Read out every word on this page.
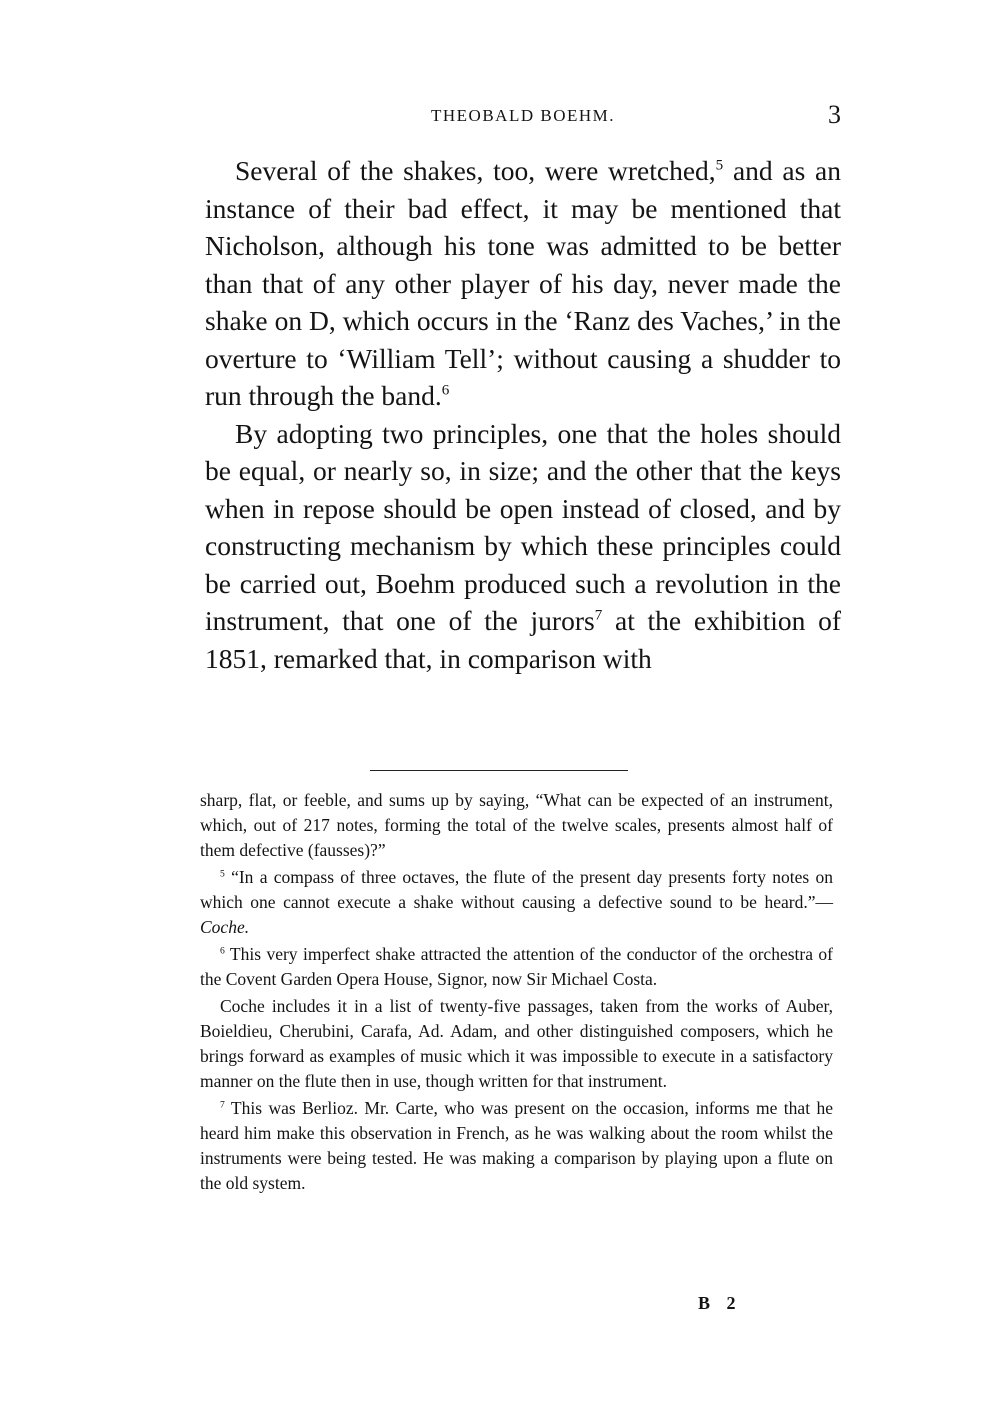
THEOBALD BOEHM.	3

Several of the shakes, too, were wretched,$^5$ and as an instance of their bad effect, it may be mentioned that Nicholson, although his tone was admitted to be better than that of any other player of his day, never made the shake on D, which occurs in the ‘Ranz des Vaches,’ in the overture to ‘William Tell’; without causing a shudder to run through the band.$^6$

By adopting two principles, one that the holes should be equal, or nearly so, in size; and the other that the keys when in repose should be open instead of closed, and by constructing mechanism by which these principles could be carried out, Boehm produced such a revolution in the instrument, that one of the jurors$^7$ at the exhibition of 1851, remarked that, in comparison with

sharp, flat, or feeble, and sums up by saying, “What can be expected of an instrument, which, out of 217 notes, forming the total of the twelve scales, presents almost half of them defective (fausses)?”

$^5$ “In a compass of three octaves, the flute of the present day presents forty notes on which one cannot execute a shake without causing a defective sound to be heard.”—Coche.

$^6$ This very imperfect shake attracted the attention of the conductor of the orchestra of the Covent Garden Opera House, Signor, now Sir Michael Costa.

Coche includes it in a list of twenty-five passages, taken from the works of Auber, Boieldieu, Cherubini, Carafa, Ad. Adam, and other distinguished composers, which he brings forward as examples of music which it was impossible to execute in a satisfactory manner on the flute then in use, though written for that instrument.

$^7$ This was Berlioz. Mr. Carte, who was present on the occasion, informs me that he heard him make this observation in French, as he was walking about the room whilst the instruments were being tested. He was making a comparison by playing upon a flute on the old system.

B 2
